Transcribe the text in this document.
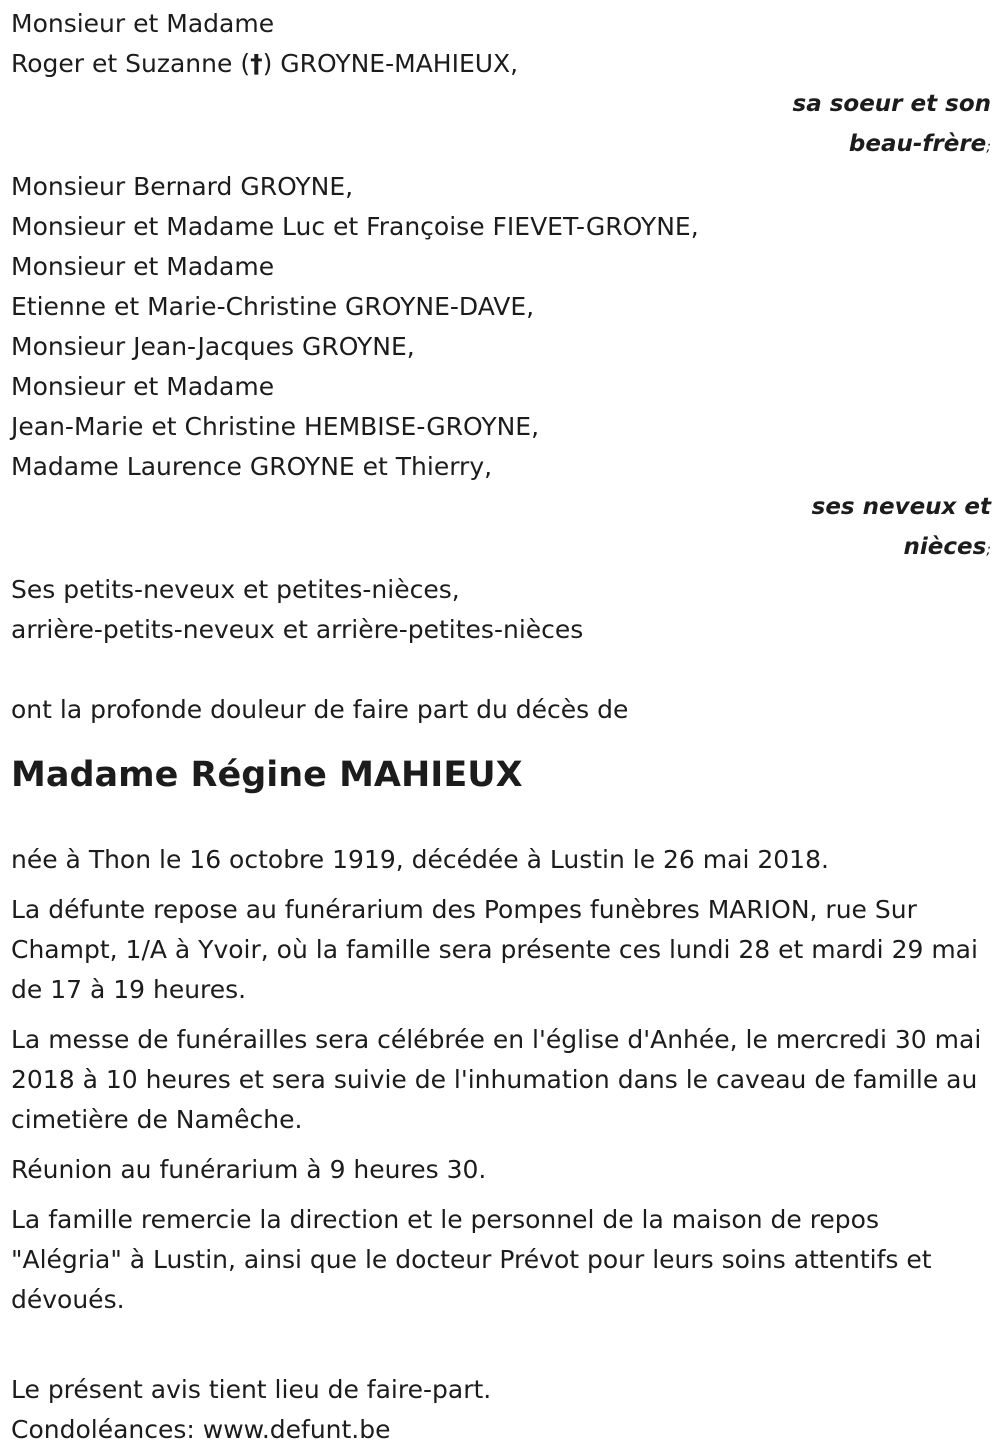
Monsieur et Madame
Roger et Suzanne (†) GROYNE-MAHIEUX,
sa soeur et son
beau-frère;
Monsieur Bernard GROYNE,
Monsieur et Madame Luc et Françoise FIEVET-GROYNE,
Monsieur et Madame
Etienne et Marie-Christine GROYNE-DAVE,
Monsieur Jean-Jacques GROYNE,
Monsieur et Madame
Jean-Marie et Christine HEMBISE-GROYNE,
Madame Laurence GROYNE et Thierry,
ses neveux et
nièces;
Ses petits-neveux et petites-nièces,
arrière-petits-neveux et arrière-petites-nièces
ont la profonde douleur de faire part du décès de
Madame Régine MAHIEUX
née à Thon le 16 octobre 1919, décédée à Lustin le 26 mai 2018.
La défunte repose au funérarium des Pompes funèbres MARION, rue Sur Champt, 1/A à Yvoir, où la famille sera présente ces lundi 28 et mardi 29 mai de 17 à 19 heures.
La messe de funérailles sera célébrée en l'église d'Anhée, le mercredi 30 mai 2018 à 10 heures et sera suivie de l'inhumation dans le caveau de famille au cimetière de Namêche.
Réunion au funérarium à 9 heures 30.
La famille remercie la direction et le personnel de la maison de repos "Alégria" à Lustin, ainsi que le docteur Prévot pour leurs soins attentifs et dévoués.
Le présent avis tient lieu de faire-part.
Condoléances: www.defunt.be
